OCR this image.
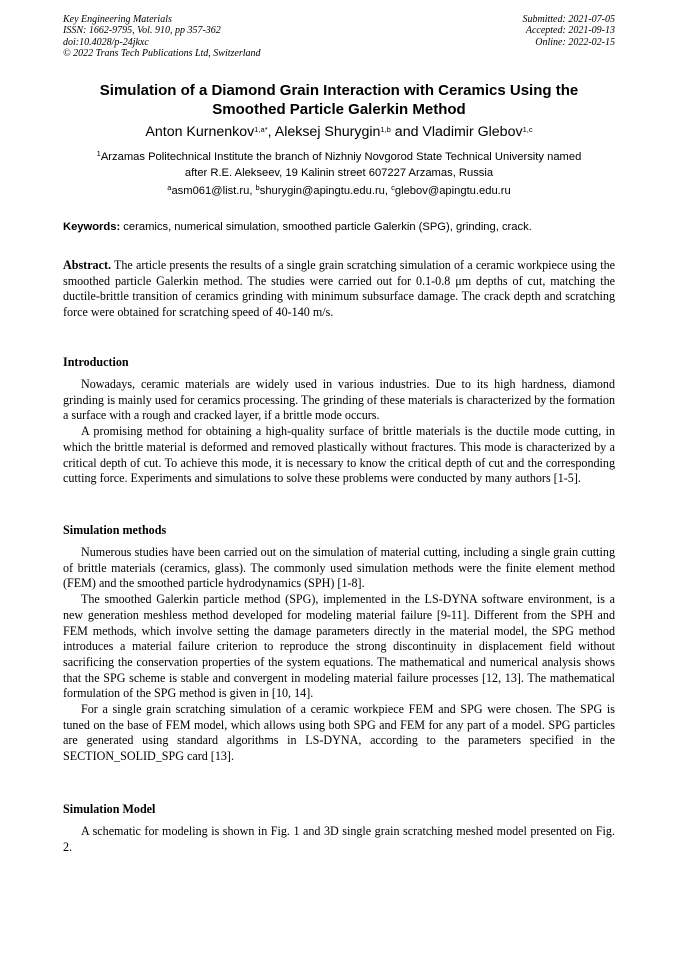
Key Engineering Materials
ISSN: 1662-9795, Vol. 910, pp 357-362
doi:10.4028/p-24jkxc
© 2022 Trans Tech Publications Ltd, Switzerland
Submitted: 2021-07-05
Accepted: 2021-09-13
Online: 2022-02-15
Simulation of a Diamond Grain Interaction with Ceramics Using the
Smoothed Particle Galerkin Method
Anton Kurnenkov$^{1,a*}$, Aleksej Shurygin$^{1,b}$ and Vladimir Glebov$^{1,c}$
$^1$Arzamas Politechnical Institute the branch of Nizhniy Novgorod State Technical University named
after R.E. Alekseev, 19 Kalinin street 607227 Arzamas, Russia
$^a$asm061@list.ru, $^b$shurygin@apingtu.edu.ru, $^c$glebov@apingtu.edu.ru
Keywords: ceramics, numerical simulation, smoothed particle Galerkin (SPG), grinding, crack.

Abstract. The article presents the results of a single grain scratching simulation of a ceramic workpiece using the smoothed particle Galerkin method. The studies were carried out for 0.1-0.8 μm depths of cut, matching the ductile-brittle transition of ceramics grinding with minimum subsurface damage. The crack depth and scratching force were obtained for scratching speed of 40-140 m/s.

Introduction

Nowadays, ceramic materials are widely used in various industries. Due to its high hardness, diamond grinding is mainly used for ceramics processing. The grinding of these materials is characterized by the formation a surface with a rough and cracked layer, if a brittle mode occurs.

A promising method for obtaining a high-quality surface of brittle materials is the ductile mode cutting, in which the brittle material is deformed and removed plastically without fractures. This mode is characterized by a critical depth of cut. To achieve this mode, it is necessary to know the critical depth of cut and the corresponding cutting force. Experiments and simulations to solve these problems were conducted by many authors [1-5].

Simulation methods

Numerous studies have been carried out on the simulation of material cutting, including a single grain cutting of brittle materials (ceramics, glass). The commonly used simulation methods were the finite element method (FEM) and the smoothed particle hydrodynamics (SPH) [1-8].

The smoothed Galerkin particle method (SPG), implemented in the LS-DYNA software environment, is a new generation meshless method developed for modeling material failure [9-11]. Different from the SPH and FEM methods, which involve setting the damage parameters directly in the material model, the SPG method introduces a material failure criterion to reproduce the strong discontinuity in displacement field without sacrificing the conservation properties of the system equations. The mathematical and numerical analysis shows that the SPG scheme is stable and convergent in modeling material failure processes [12, 13]. The mathematical formulation of the SPG method is given in [10, 14].

For a single grain scratching simulation of a ceramic workpiece FEM and SPG were chosen. The SPG is tuned on the base of FEM model, which allows using both SPG and FEM for any part of a model. SPG particles are generated using standard algorithms in LS-DYNA, according to the parameters specified in the SECTION_SOLID_SPG card [13].

Simulation Model

A schematic for modeling is shown in Fig. 1 and 3D single grain scratching meshed model presented on Fig. 2.
